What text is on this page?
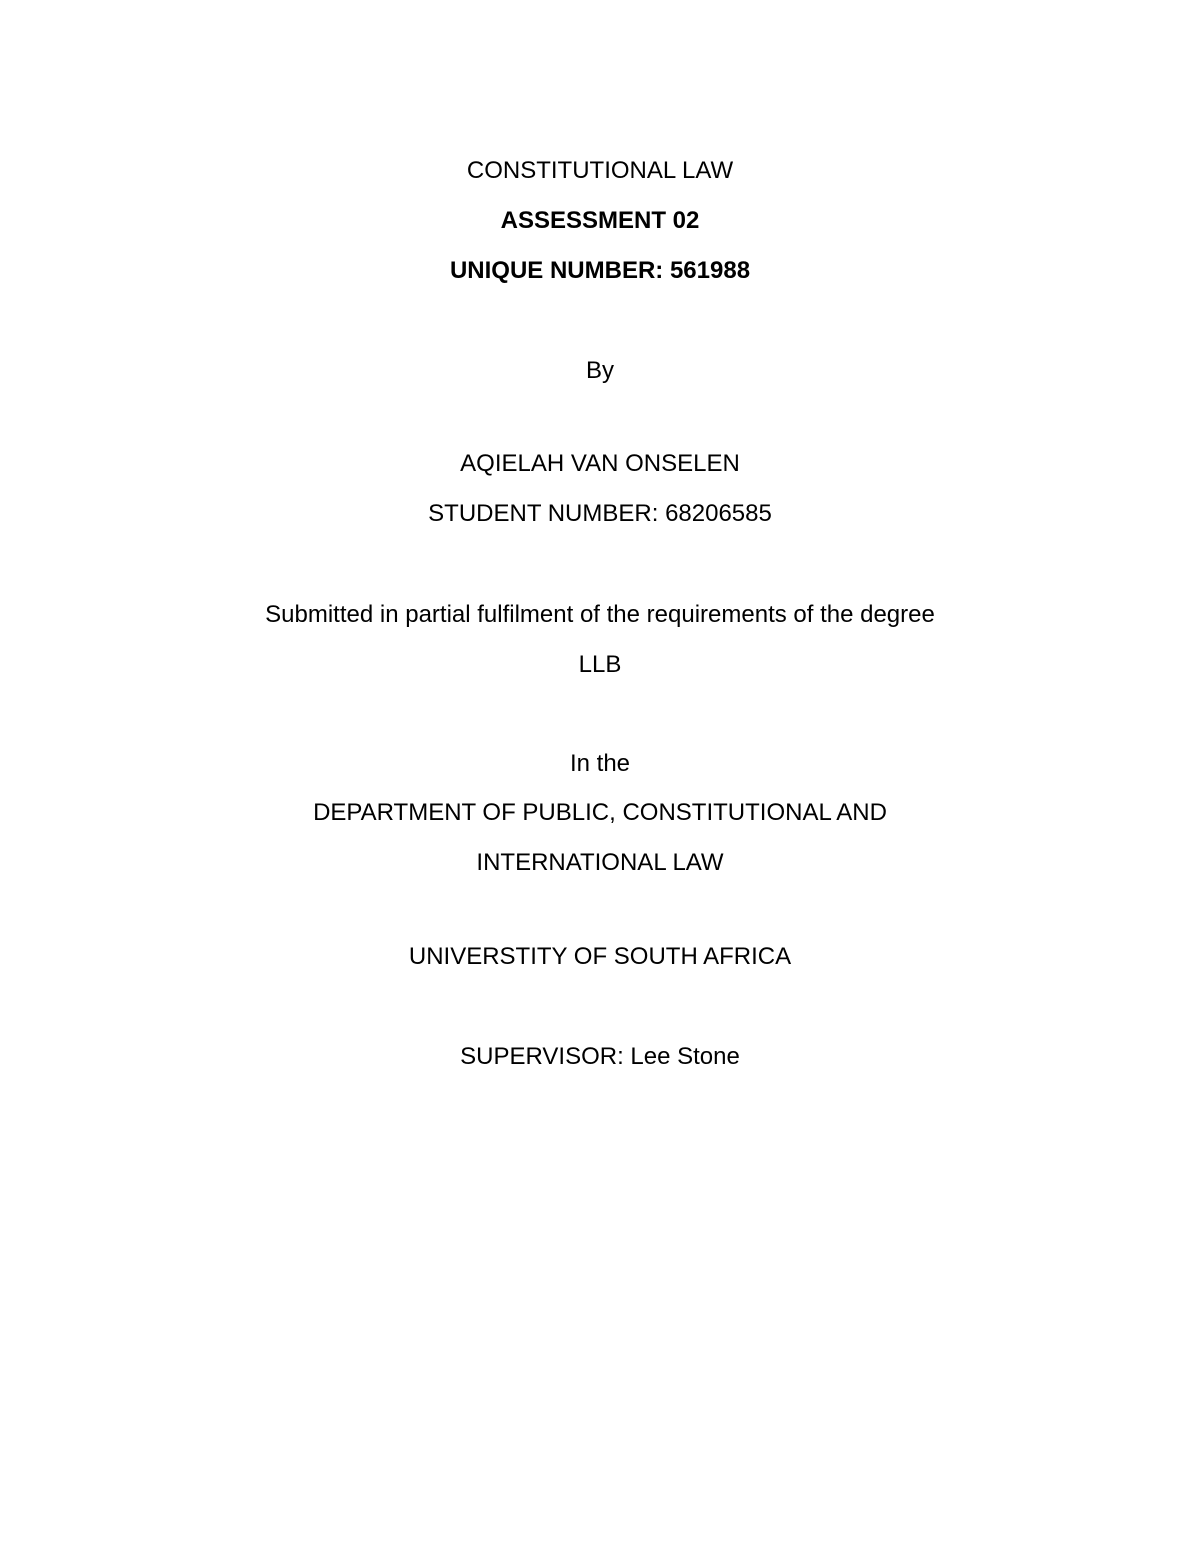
CONSTITUTIONAL LAW
ASSESSMENT 02
UNIQUE NUMBER: 561988
By
AQIELAH VAN ONSELEN
STUDENT NUMBER: 68206585
Submitted in partial fulfilment of the requirements of the degree
LLB
In the
DEPARTMENT OF PUBLIC, CONSTITUTIONAL AND
INTERNATIONAL LAW
UNIVERSTITY OF SOUTH AFRICA
SUPERVISOR: Lee Stone
